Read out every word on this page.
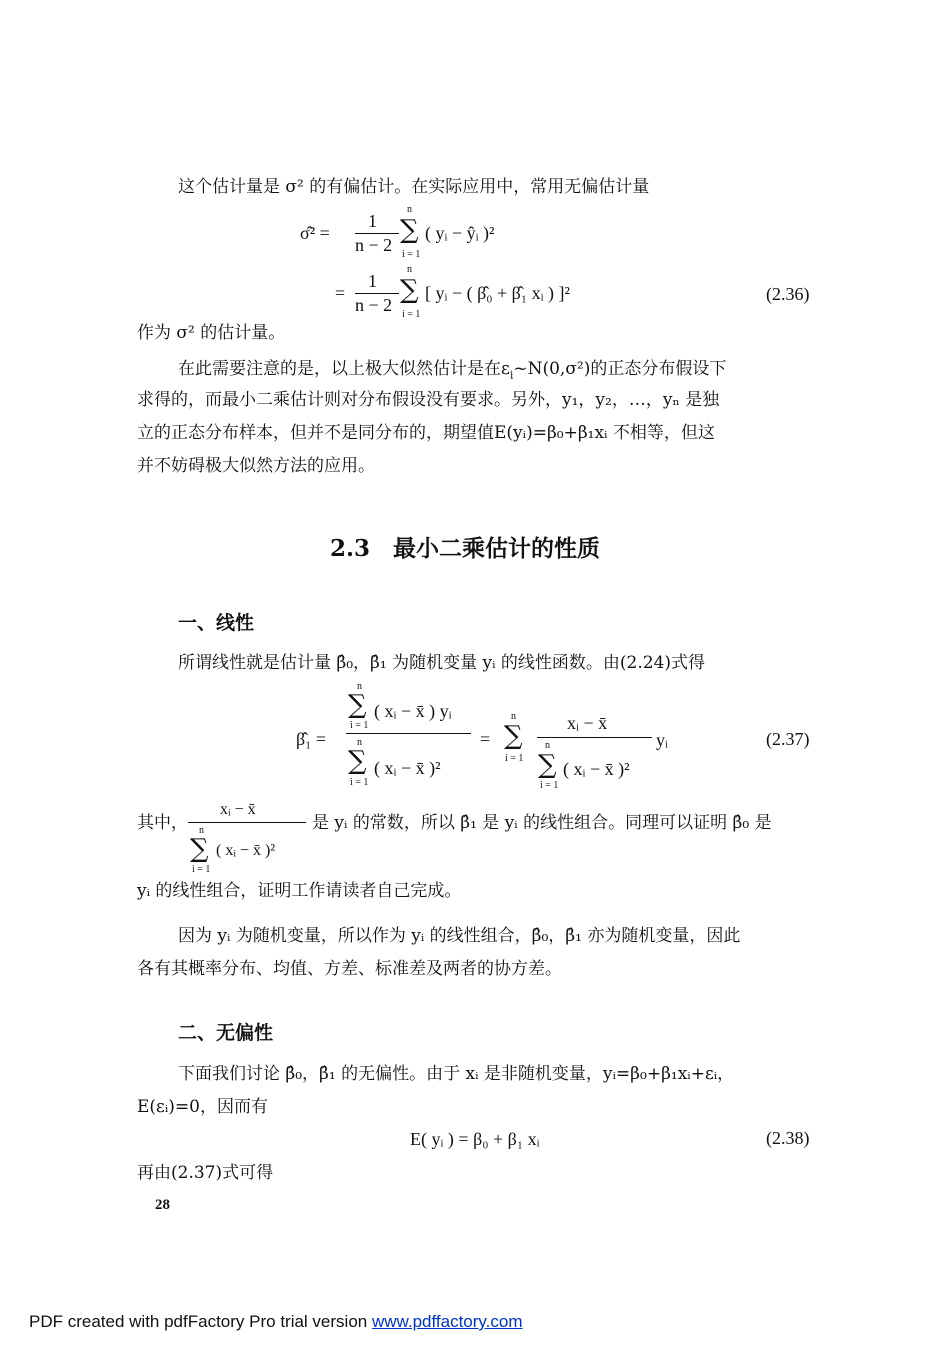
这个估计量是 σ² 的有偏估计。在实际应用中，常用无偏估计量
σ̂² =
1
n − 2
n
∑
i = 1
( yᵢ − ŷᵢ )²
=
1
n − 2
n
∑
i = 1
[ yᵢ − ( β̂₀ + β̂₁ xᵢ ) ]²	(2.36)
作为 σ² 的估计量。
在此需要注意的是，以上极大似然估计是在$\varepsilon_i\sim N(0,\sigma^2)$的正态分布假设下
求得的，而最小二乘估计则对分布假设没有要求。另外，y₁，y₂，…，yₙ 是独
立的正态分布样本，但并不是同分布的，期望值E(yᵢ)=β₀+β₁xᵢ 不相等，但这
并不妨碍极大似然方法的应用。
2.3　最小二乘估计的性质
一、线性
所谓线性就是估计量 β̂₀，β̂₁ 为随机变量 yᵢ 的线性函数。由(2.24)式得
β̂₁ =
n
∑
i = 1
( xᵢ − x̄ ) yᵢ
n
∑
i = 1
( xᵢ − x̄ )²
=
n
∑
i = 1
xᵢ − x̄
n
∑
i = 1
( xᵢ − x̄ )²
yᵢ	(2.37)
其中，
xᵢ − x̄
n
∑
i = 1
( xᵢ − x̄ )²
是 yᵢ 的常数，所以 β̂₁ 是 yᵢ 的线性组合。同理可以证明 β̂₀ 是
yᵢ 的线性组合，证明工作请读者自己完成。
因为 yᵢ 为随机变量，所以作为 yᵢ 的线性组合，β̂₀，β̂₁ 亦为随机变量，因此
各有其概率分布、均值、方差、标准差及两者的协方差。
二、无偏性
下面我们讨论 β̂₀，β̂₁ 的无偏性。由于 xᵢ 是非随机变量，yᵢ=β₀+β₁xᵢ+εᵢ，
E(εᵢ)=0，因而有
E( yᵢ ) = β₀ + β₁ xᵢ	(2.38)
再由(2.37)式可得
28
PDF created with pdfFactory Pro trial version www.pdffactory.com
